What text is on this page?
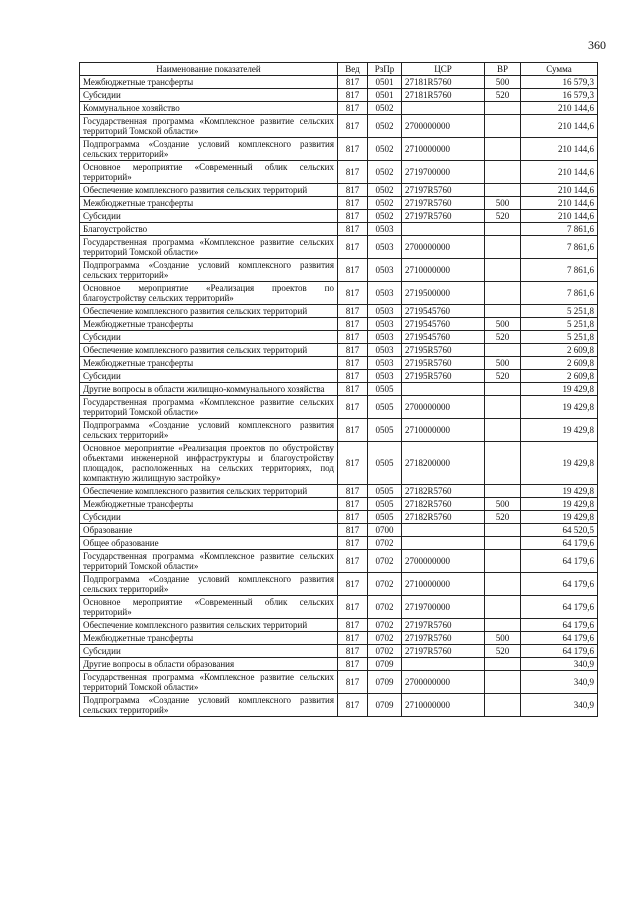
360
Наименование показателей	Вед	РзПр	ЦСР	ВР	Сумма
Межбюджетные трансферты	817	0501	27181R5760	500	16 579,3
Субсидии	817	0501	27181R5760	520	16 579,3
Коммунальное хозяйство	817	0502			210 144,6
Государственная программа «Комплексное развитие сельских территорий Томской области»	817	0502	2700000000		210 144,6
Подпрограмма «Создание условий комплексного развития сельских территорий»	817	0502	2710000000		210 144,6
Основное мероприятие «Современный облик сельских территорий»	817	0502	2719700000		210 144,6
Обеспечение комплексного развития сельских территорий	817	0502	27197R5760		210 144,6
Межбюджетные трансферты	817	0502	27197R5760	500	210 144,6
Субсидии	817	0502	27197R5760	520	210 144,6
Благоустройство	817	0503			7 861,6
Государственная программа «Комплексное развитие сельских территорий Томской области»	817	0503	2700000000		7 861,6
Подпрограмма «Создание условий комплексного развития сельских территорий»	817	0503	2710000000		7 861,6
Основное мероприятие «Реализация проектов по благоустройству сельских территорий»	817	0503	2719500000		7 861,6
Обеспечение комплексного развития сельских территорий	817	0503	2719545760		5 251,8
Межбюджетные трансферты	817	0503	2719545760	500	5 251,8
Субсидии	817	0503	2719545760	520	5 251,8
Обеспечение комплексного развития сельских территорий	817	0503	27195R5760		2 609,8
Межбюджетные трансферты	817	0503	27195R5760	500	2 609,8
Субсидии	817	0503	27195R5760	520	2 609,8
Другие вопросы в области жилищно-коммунального хозяйства	817	0505			19 429,8
Государственная программа «Комплексное развитие сельских территорий Томской области»	817	0505	2700000000		19 429,8
Подпрограмма «Создание условий комплексного развития сельских территорий»	817	0505	2710000000		19 429,8
Основное мероприятие «Реализация проектов по обустройству объектами инженерной инфраструктуры и благоустройству площадок, расположенных на сельских территориях, под компактную жилищную застройку»	817	0505	2718200000		19 429,8
Обеспечение комплексного развития сельских территорий	817	0505	27182R5760		19 429,8
Межбюджетные трансферты	817	0505	27182R5760	500	19 429,8
Субсидии	817	0505	27182R5760	520	19 429,8
Образование	817	0700			64 520,5
Общее образование	817	0702			64 179,6
Государственная программа «Комплексное развитие сельских территорий Томской области»	817	0702	2700000000		64 179,6
Подпрограмма «Создание условий комплексного развития сельских территорий»	817	0702	2710000000		64 179,6
Основное мероприятие «Современный облик сельских территорий»	817	0702	2719700000		64 179,6
Обеспечение комплексного развития сельских территорий	817	0702	27197R5760		64 179,6
Межбюджетные трансферты	817	0702	27197R5760	500	64 179,6
Субсидии	817	0702	27197R5760	520	64 179,6
Другие вопросы в области образования	817	0709			340,9
Государственная программа «Комплексное развитие сельских территорий Томской области»	817	0709	2700000000		340,9
Подпрограмма «Создание условий комплексного развития сельских территорий»	817	0709	2710000000		340,9
